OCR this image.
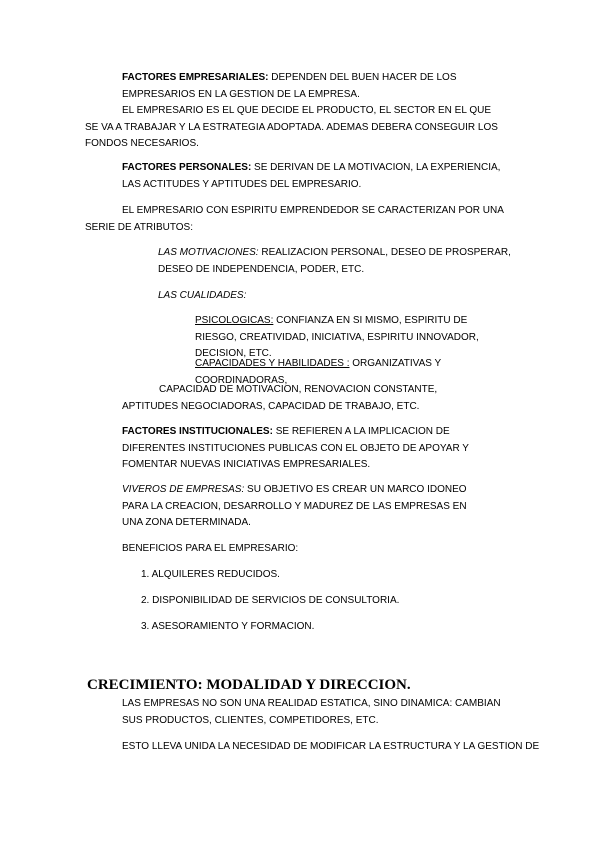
FACTORES EMPRESARIALES: DEPENDEN DEL BUEN HACER DE LOS EMPRESARIOS EN LA GESTION DE LA EMPRESA.

EL EMPRESARIO ES EL QUE DECIDE EL PRODUCTO, EL SECTOR EN EL QUE SE VA A TRABAJAR Y LA ESTRATEGIA ADOPTADA. ADEMAS DEBERA CONSEGUIR LOS FONDOS NECESARIOS.

FACTORES PERSONALES: SE DERIVAN DE LA MOTIVACION, LA EXPERIENCIA, LAS ACTITUDES Y APTITUDES DEL EMPRESARIO.

EL EMPRESARIO CON ESPIRITU EMPRENDEDOR SE CARACTERIZAN POR UNA SERIE DE ATRIBUTOS:

LAS MOTIVACIONES: REALIZACION PERSONAL, DESEO DE PROSPERAR, DESEO DE INDEPENDENCIA, PODER, ETC.

LAS CUALIDADES:

PSICOLOGICAS: CONFIANZA EN SI MISMO, ESPIRITU DE RIESGO, CREATIVIDAD, INICIATIVA, ESPIRITU INNOVADOR, DECISION, ETC.

CAPACIDADES Y HABILIDADES : ORGANIZATIVAS Y COORDINADORAS,

CAPACIDAD DE MOTIVACION, RENOVACION CONSTANTE, APTITUDES NEGOCIADORAS, CAPACIDAD DE TRABAJO, ETC.

FACTORES INSTITUCIONALES: SE REFIEREN A LA IMPLICACION DE DIFERENTES INSTITUCIONES PUBLICAS CON EL OBJETO DE APOYAR Y FOMENTAR NUEVAS INICIATIVAS EMPRESARIALES.

VIVEROS DE EMPRESAS: SU OBJETIVO ES CREAR UN MARCO IDONEO PARA LA CREACION, DESARROLLO Y MADUREZ DE LAS EMPRESAS EN UNA ZONA DETERMINADA.

BENEFICIOS PARA EL EMPRESARIO:

1. ALQUILERES REDUCIDOS.
2. DISPONIBILIDAD DE SERVICIOS DE CONSULTORIA.
3. ASESORAMIENTO Y FORMACION.
CRECIMIENTO: MODALIDAD Y DIRECCION.

LAS EMPRESAS NO SON UNA REALIDAD ESTATICA, SINO DINAMICA: CAMBIAN SUS PRODUCTOS, CLIENTES, COMPETIDORES, ETC.

ESTO LLEVA UNIDA LA NECESIDAD DE MODIFICAR LA ESTRUCTURA Y LA GESTION DE
